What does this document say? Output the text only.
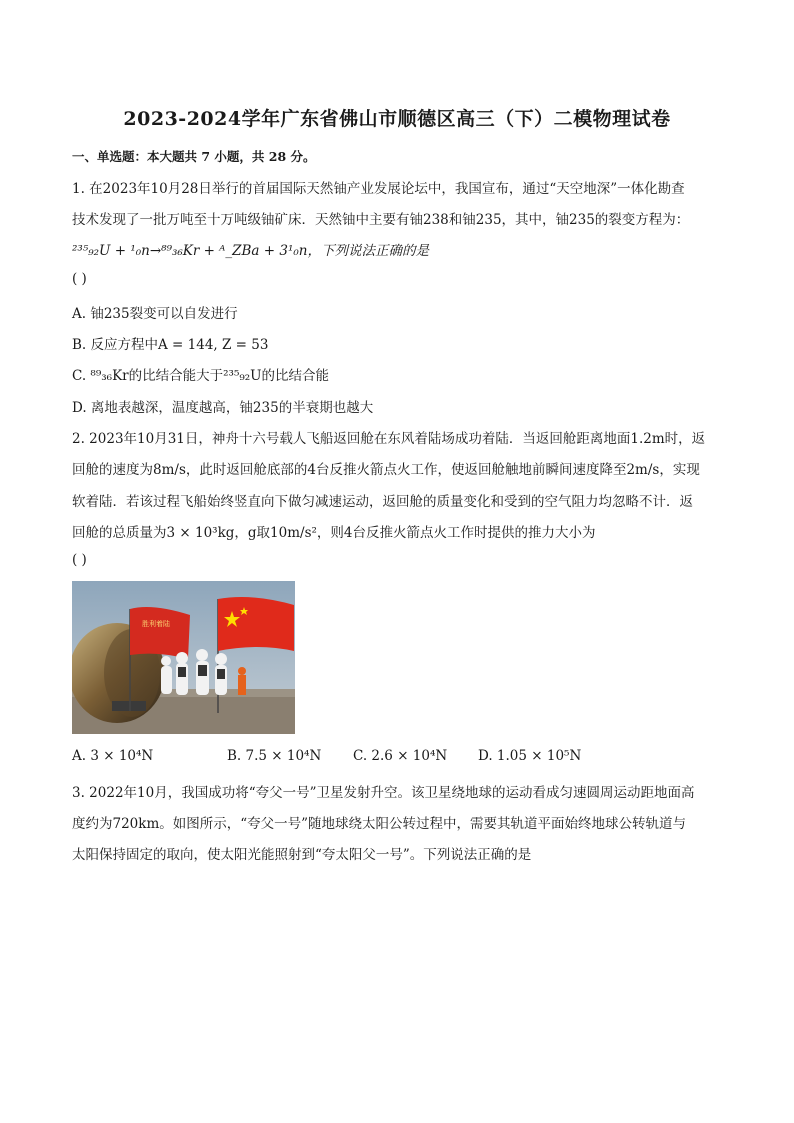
2023-2024学年广东省佛山市顺德区高三（下）二模物理试卷
一、单选题：本大题共 7 小题，共 28 分。
1. 在2023年10月28日举行的首届国际天然铀产业发展论坛中，我国宣布，通过“天空地深”一体化勘查
技术发现了一批万吨至十万吨级铀矿床．天然铀中主要有铀238和铀235，其中，铀235的裂变方程为：
²³⁵₉₂U + ¹₀n→⁸⁹₃₆Kr + ᴬ_ZBa + 3¹₀n，下列说法正确的是
( )
A. 铀235裂变可以自发进行
B. 反应方程中A = 144, Z = 53
C. ⁸⁹₃₆Kr的比结合能大于²³⁵₉₂U的比结合能
D. 离地表越深，温度越高，铀235的半衰期也越大
2. 2023年10月31日，神舟十六号载人飞船返回舱在东风着陆场成功着陆．当返回舱距离地面1.2m时，返
回舱的速度为8m/s，此时返回舱底部的4台反推火箭点火工作，使返回舱触地前瞬间速度降至2m/s，实现
软着陆．若该过程飞船始终竖直向下做匀减速运动，返回舱的质量变化和受到的空气阻力均忽略不计．返
回舱的总质量为3 × 10³kg，g取10m/s²，则4台反推火箭点火工作时提供的推力大小为
( )
胜利着陆
A. 3 × 10⁴N	B. 7.5 × 10⁴N C. 2.6 × 10⁴N D. 1.05 × 10⁵N
3. 2022年10月，我国成功将“夸父一号”卫星发射升空。该卫星绕地球的运动看成匀速圆周运动距地面高
度约为720km。如图所示，“夸父一号”随地球绕太阳公转过程中，需要其轨道平面始终地球公转轨道与
太阳保持固定的取向，使太阳光能照射到“夸太阳父一号”。下列说法正确的是
